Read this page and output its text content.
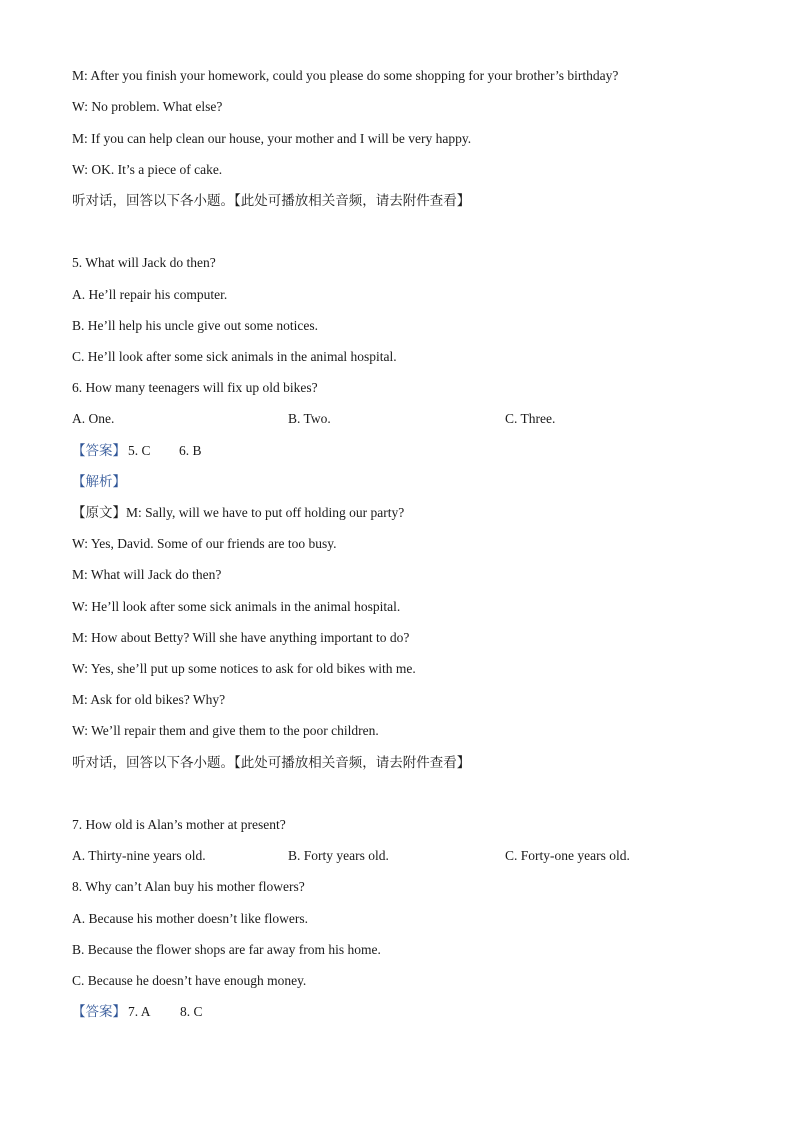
M: After you finish your homework, could you please do some shopping for your brother’s birthday?
W: No problem. What else?
M: If you can help clean our house, your mother and I will be very happy.
W: OK. It’s a piece of cake.
听对话，回答以下各小题。【此处可播放相关音频，请去附件查看】
5. What will Jack do then?
A. He’ll repair his computer.
B. He’ll help his uncle give out some notices.
C. He’ll look after some sick animals in the animal hospital.
6. How many teenagers will fix up old bikes?
A. One.	B. Two.	C. Three.
【答案】 5. C 6. B
【解析】
【原文】M: Sally, will we have to put off holding our party?
W: Yes, David. Some of our friends are too busy.
M: What will Jack do then?
W: He’ll look after some sick animals in the animal hospital.
M: How about Betty? Will she have anything important to do?
W: Yes, she’ll put up some notices to ask for old bikes with me.
M: Ask for old bikes? Why?
W: We’ll repair them and give them to the poor children.
听对话，回答以下各小题。【此处可播放相关音频，请去附件查看】
7. How old is Alan’s mother at present?
A. Thirty-nine years old.	B. Forty years old.	C. Forty-one years old.
8. Why can’t Alan buy his mother flowers?
A. Because his mother doesn’t like flowers.
B. Because the flower shops are far away from his home.
C. Because he doesn’t have enough money.
【答案】 7. A 8. C
